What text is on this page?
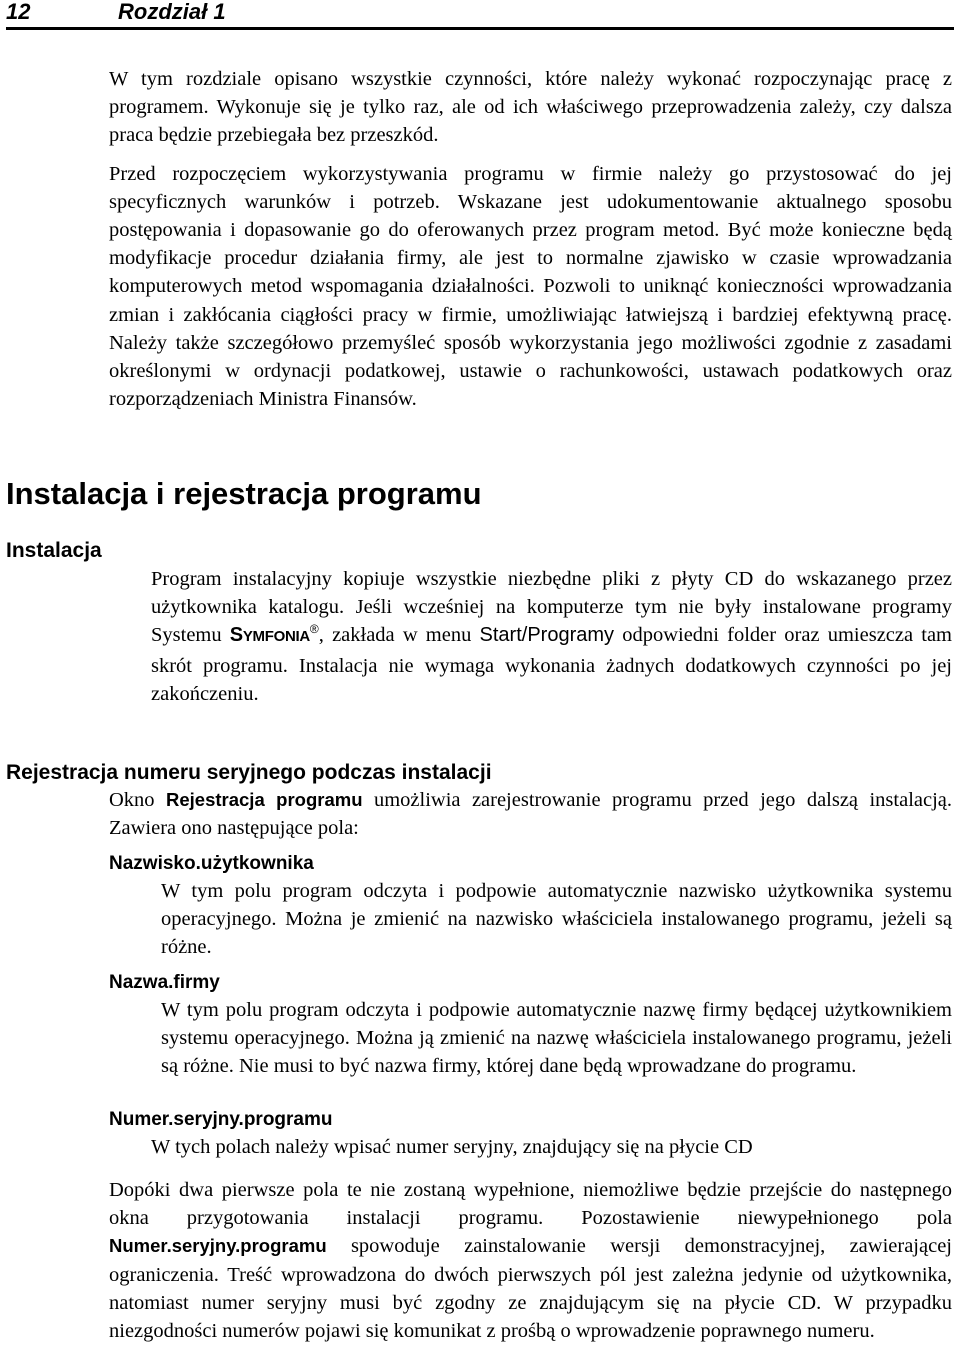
12	Rozdział 1

W tym rozdziale opisano wszystkie czynności, które należy wykonać rozpoczynając pracę z programem. Wykonuje się je tylko raz, ale od ich właściwego przeprowadzenia zależy, czy dalsza praca będzie przebiegała bez przeszkód.

Przed rozpoczęciem wykorzystywania programu w firmie należy go przystosować do jej specyficznych warunków i potrzeb. Wskazane jest udokumentowanie aktualnego sposobu postępowania i dopasowanie go do oferowanych przez program metod. Być może konieczne będą modyfikacje procedur działania firmy, ale jest to normalne zjawisko w czasie wprowadzania komputerowych metod wspomagania działalności. Pozwoli to uniknąć konieczności wprowadzania zmian i zakłócania ciągłości pracy w firmie, umożliwiając łatwiejszą i bardziej efektywną pracę. Należy także szczegółowo przemyśleć sposób wykorzystania jego możliwości zgodnie z zasadami określonymi w ordynacji podatkowej, ustawie o rachunkowości, ustawach podatkowych oraz rozporządzeniach Ministra Finansów.

Instalacja i rejestracja programu
Instalacja

Program instalacyjny kopiuje wszystkie niezbędne pliki z płyty CD do wskazanego przez użytkownika katalogu. Jeśli wcześniej na komputerze tym nie były instalowane programy Systemu SYMFONIA®, zakłada w menu Start/Programy odpowiedni folder oraz umieszcza tam skrót programu. Instalacja nie wymaga wykonania żadnych dodatkowych czynności po jej zakończeniu.

Rejestracja numeru seryjnego podczas instalacji

Okno Rejestracja programu umożliwia zarejestrowanie programu przed jego dalszą instalacją. Zawiera ono następujące pola:

Nazwisko.użytkownika
W tym polu program odczyta i podpowie automatycznie nazwisko użytkownika systemu operacyjnego. Można je zmienić na nazwisko właściciela instalowanego programu, jeżeli są różne.
Nazwa.firmy
W tym polu program odczyta i podpowie automatycznie nazwę firmy będącej użytkownikiem systemu operacyjnego. Można ją zmienić na nazwę właściciela instalowanego programu, jeżeli są różne. Nie musi to być nazwa firmy, której dane będą wprowadzane do programu.
Numer.seryjny.programu
W tych polach należy wpisać numer seryjny, znajdujący się na płycie CD

Dopóki dwa pierwsze pola te nie zostaną wypełnione, niemożliwe będzie przejście do następnego okna przygotowania instalacji programu. Pozostawienie niewypełnionego pola Numer.seryjny.programu spowoduje zainstalowanie wersji demonstracyjnej, zawierającej ograniczenia. Treść wprowadzona do dwóch pierwszych pól jest zależna jedynie od użytkownika, natomiast numer seryjny musi być zgodny ze znajdującym się na płycie CD. W przypadku niezgodności numerów pojawi się komunikat z prośbą o wprowadzenie poprawnego numeru.
